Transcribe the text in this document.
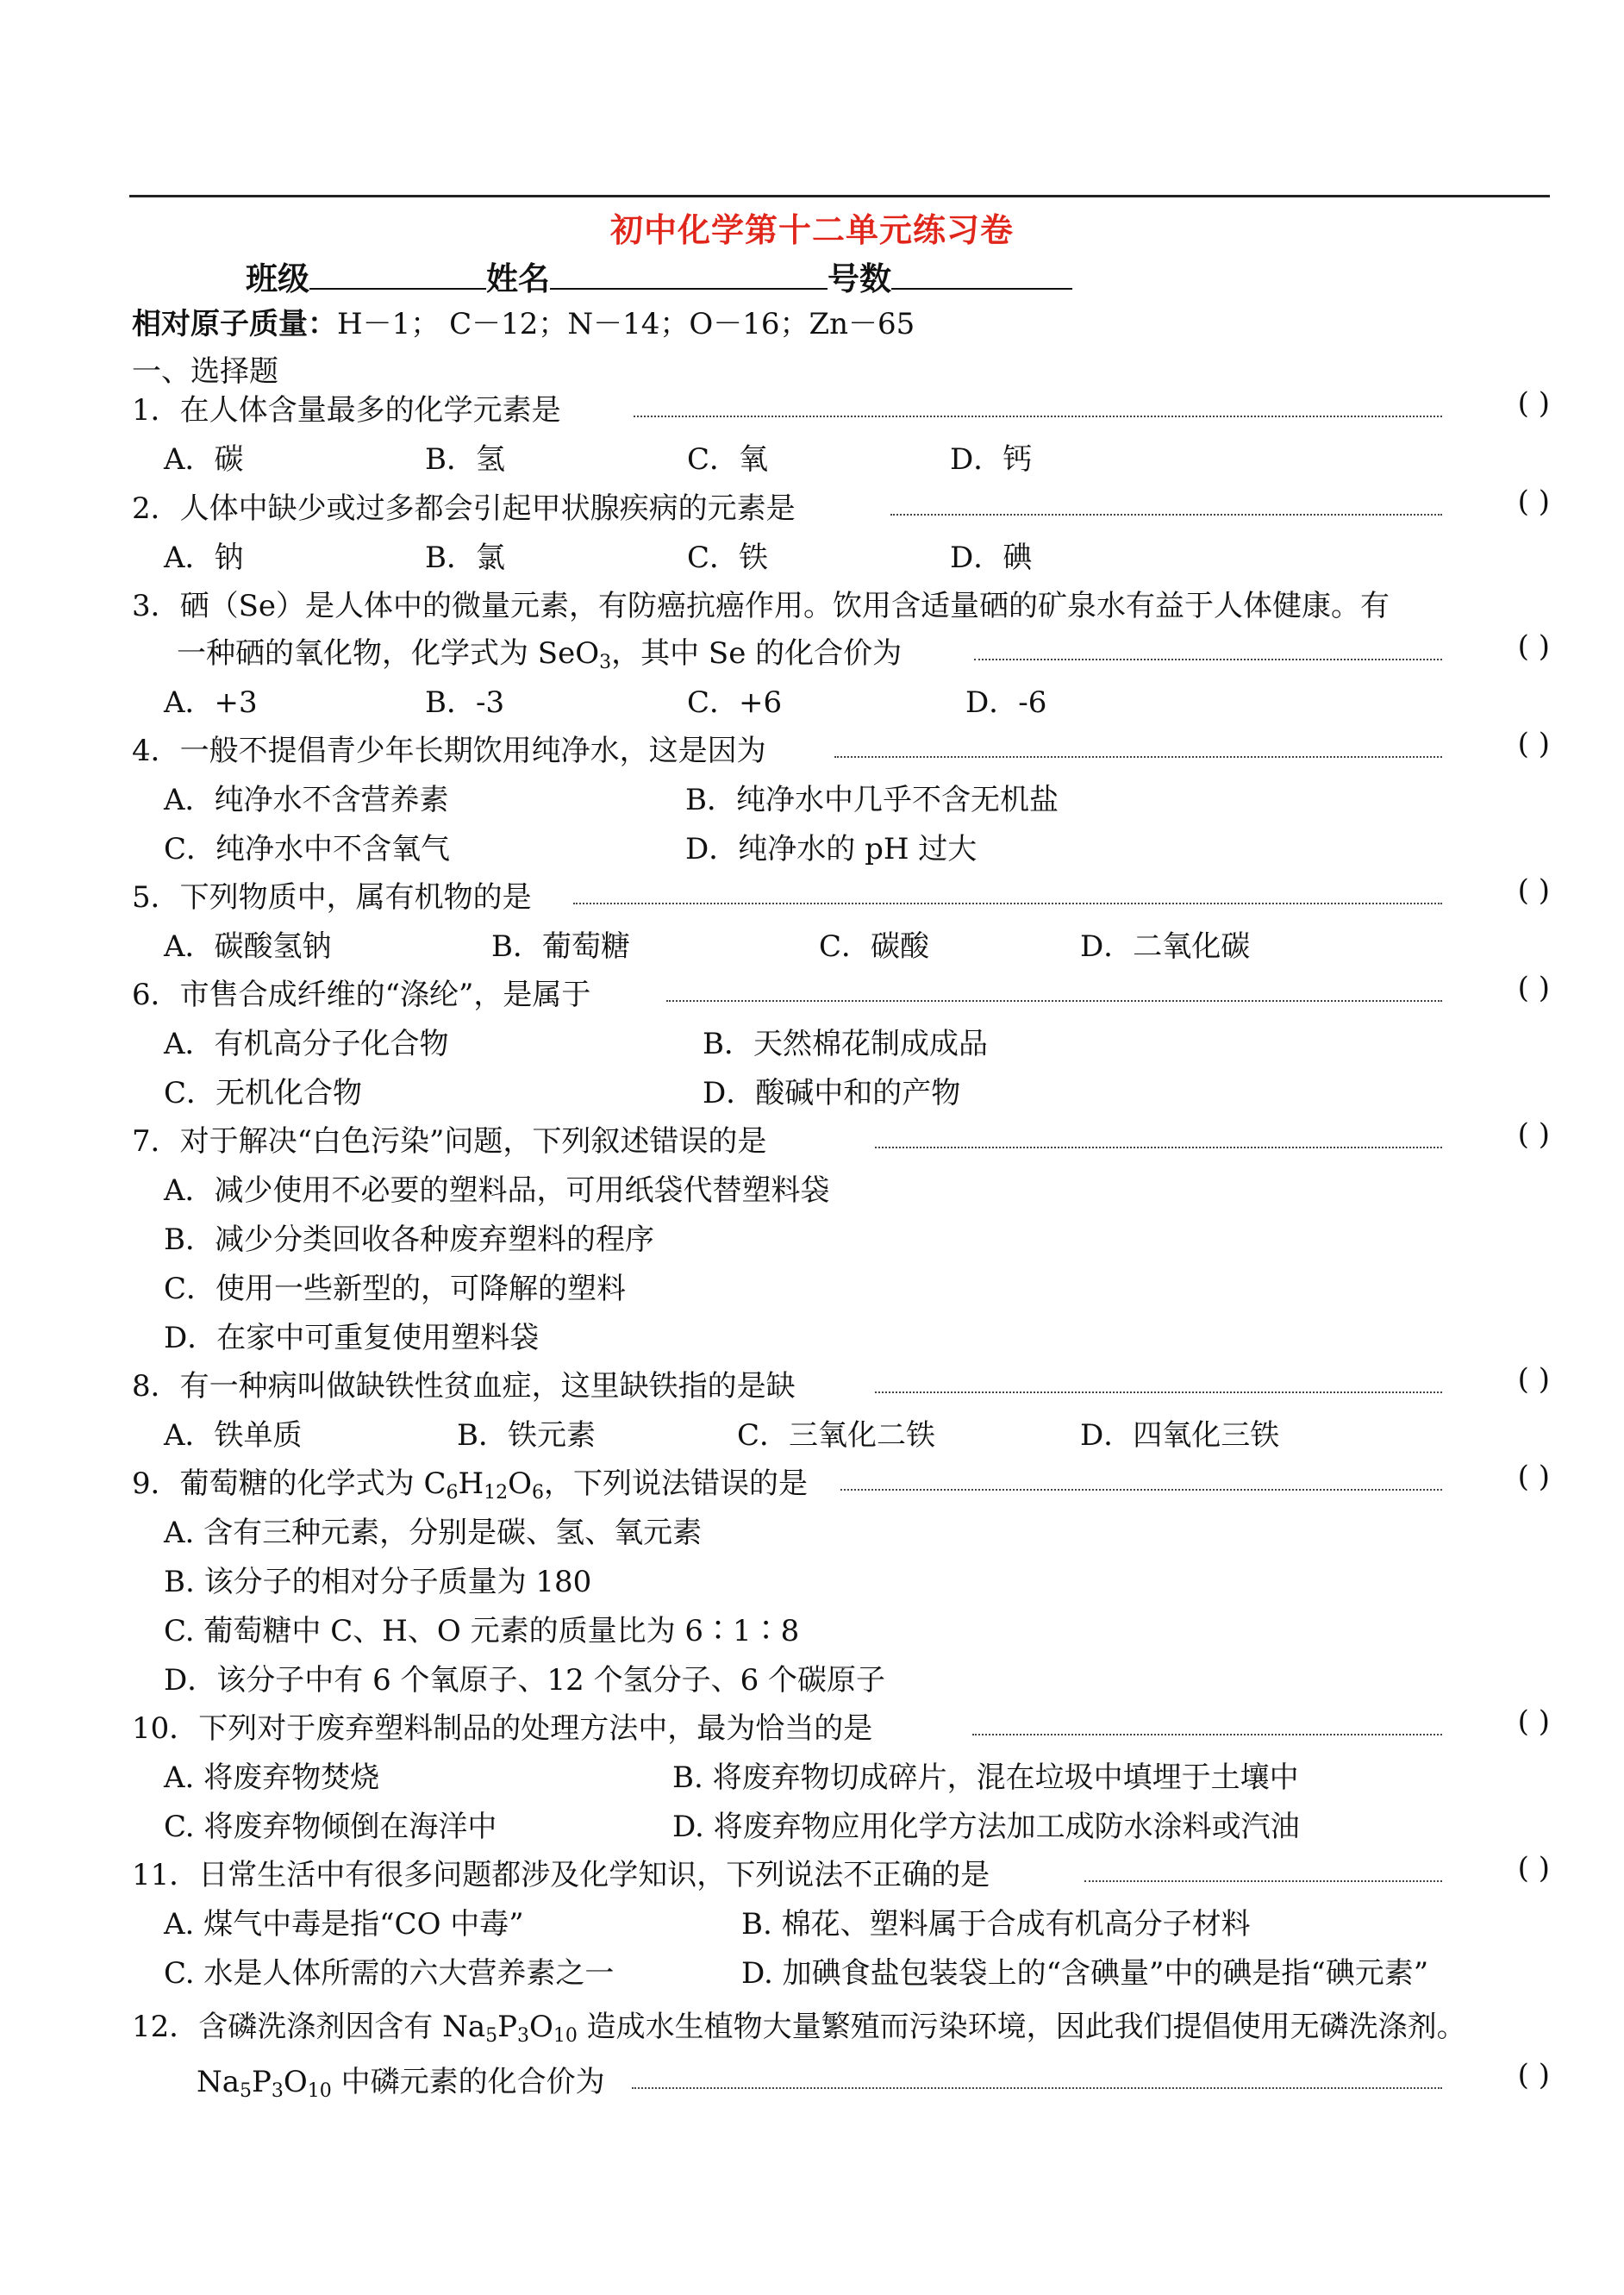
初中化学第十二单元练习卷
班级	姓名	号数
相对原子质量：H－1； C－12；N－14；O－16；Zn－65
一、选择题
1．在人体含量最多的化学元素是	( )
A．碳	B．氢	C．氧	D．钙
2．人体中缺少或过多都会引起甲状腺疾病的元素是	( )
A．钠	B．氯	C．铁	D．碘
3．硒（Se）是人体中的微量元素，有防癌抗癌作用。饮用含适量硒的矿泉水有益于人体健康。有
一种硒的氧化物，化学式为 SeO$_3$，其中 Se 的化合价为	( )
A．+3	B．-3	C．+6	D．-6
4．一般不提倡青少年长期饮用纯净水，这是因为	( )
A．纯净水不含营养素	B．纯净水中几乎不含无机盐
C．纯净水中不含氧气	D．纯净水的 pH 过大
5．下列物质中，属有机物的是	( )
A．碳酸氢钠	B．葡萄糖	C．碳酸	D．二氧化碳
6．市售合成纤维的“涤纶”，是属于	( )
A．有机高分子化合物	B．天然棉花制成成品
C．无机化合物	D．酸碱中和的产物
7．对于解决“白色污染”问题，下列叙述错误的是	( )
A．减少使用不必要的塑料品，可用纸袋代替塑料袋
B．减少分类回收各种废弃塑料的程序
C．使用一些新型的，可降解的塑料
D．在家中可重复使用塑料袋
8．有一种病叫做缺铁性贫血症，这里缺铁指的是缺	( )
A．铁单质	B．铁元素	C．三氧化二铁	D．四氧化三铁
9．葡萄糖的化学式为 $C_6H_{12}O_6$，下列说法错误的是	( )
A. 含有三种元素，分别是碳、氢、氧元素
B. 该分子的相对分子质量为 180
C. 葡萄糖中 C、H、O 元素的质量比为 6∶1∶8
D．该分子中有 6 个氧原子、12 个氢分子、6 个碳原子
10．下列对于废弃塑料制品的处理方法中，最为恰当的是	( )
A. 将废弃物焚烧	B. 将废弃物切成碎片，混在垃圾中填埋于土壤中
C. 将废弃物倾倒在海洋中	D. 将废弃物应用化学方法加工成防水涂料或汽油
11．日常生活中有很多问题都涉及化学知识，下列说法不正确的是	( )
A. 煤气中毒是指“CO 中毒”	B. 棉花、塑料属于合成有机高分子材料
C. 水是人体所需的六大营养素之一	D. 加碘食盐包装袋上的“含碘量”中的碘是指“碘元素”
12．含磷洗涤剂因含有 $Na_5P_3O_{10}$ 造成水生植物大量繁殖而污染环境，因此我们提倡使用无磷洗涤剂。
$Na_5P_3O_{10}$ 中磷元素的化合价为	( )
